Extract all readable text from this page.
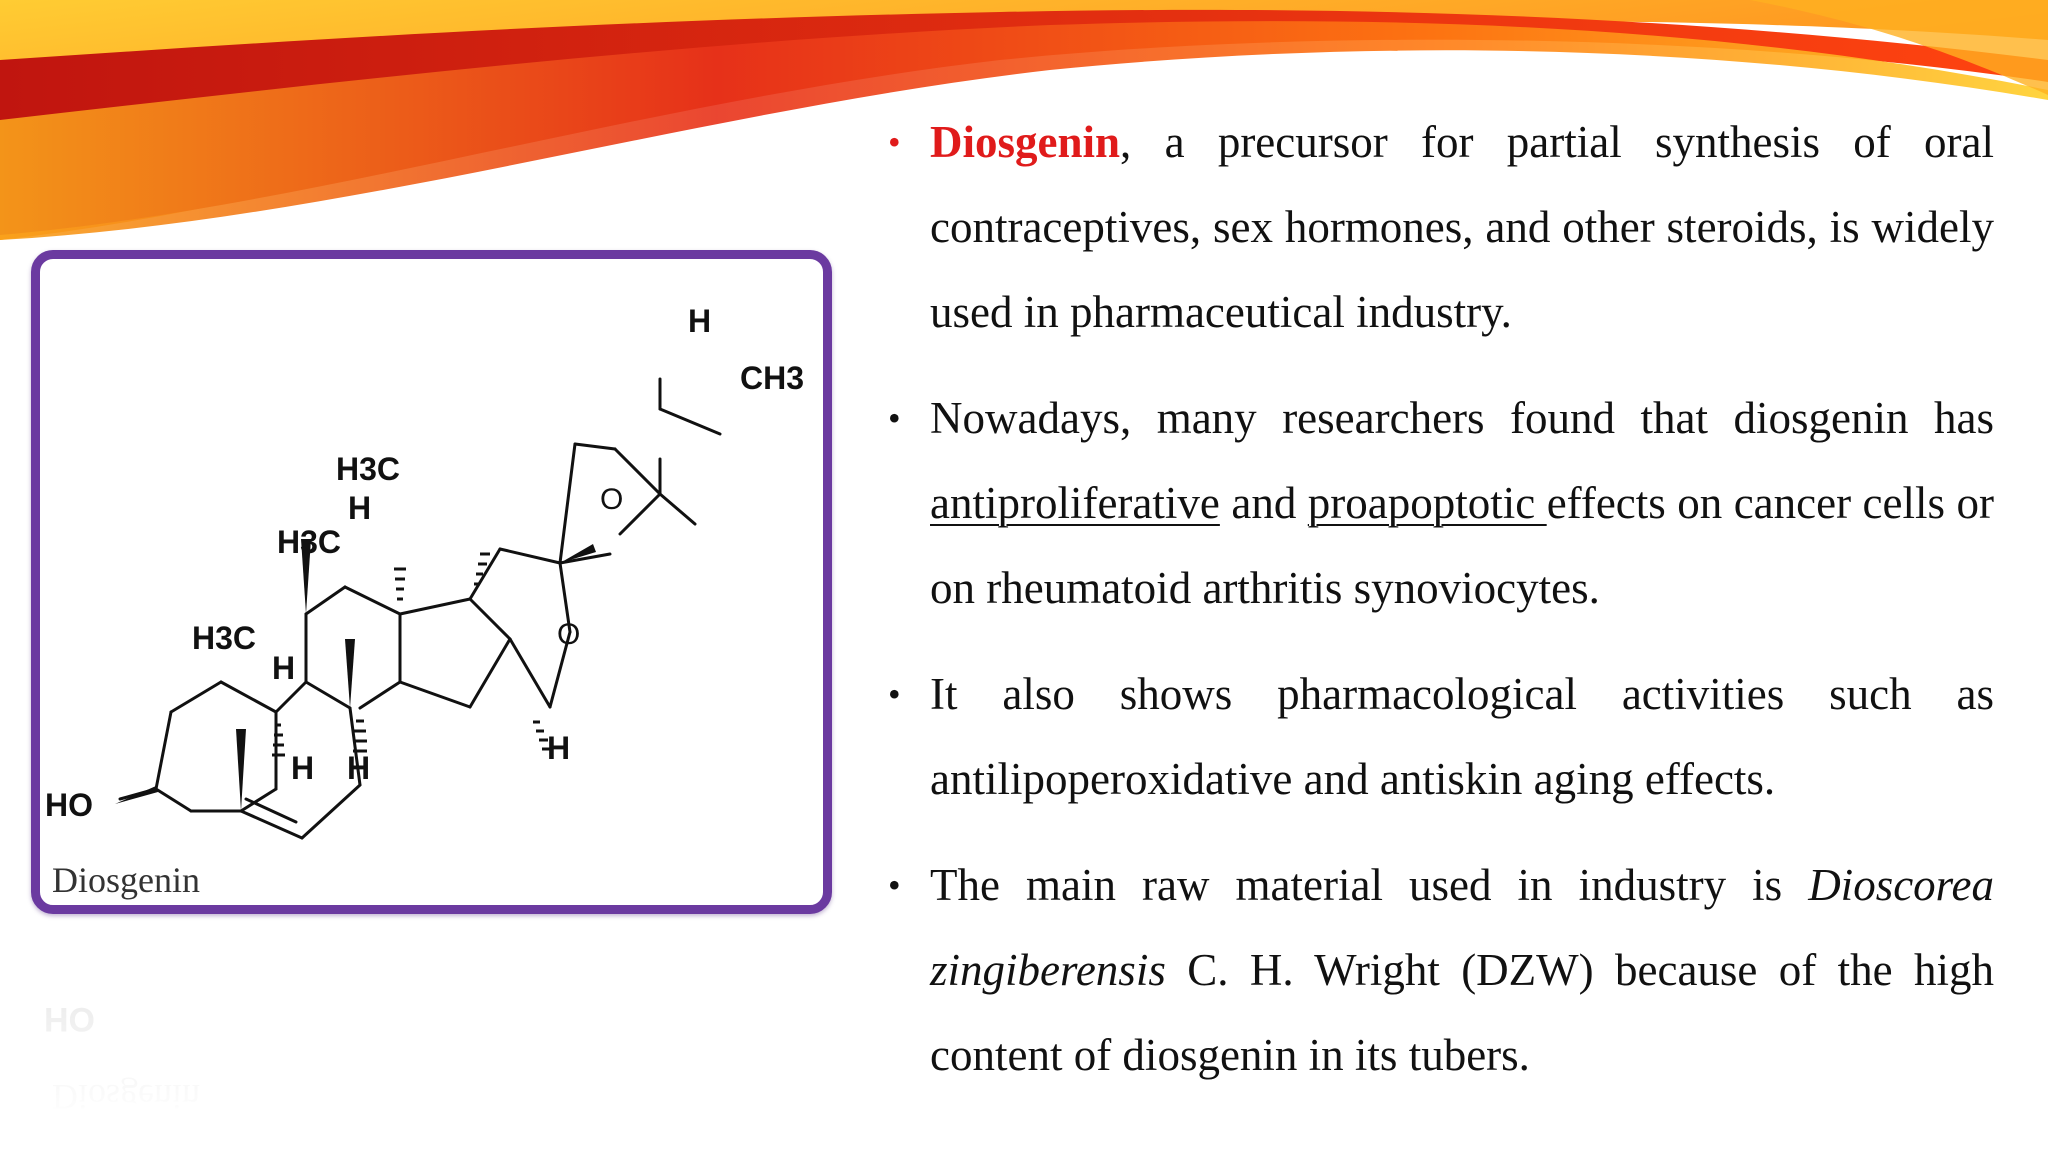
HO
H3C
H
H H
H3C
H
H3C
H
H
CH3
O
O
Diosgenin
Diosgenin
HO
• Diosgenin, a precursor for partial synthesis of oral contraceptives, sex hormones, and other steroids, is widely used in pharmaceutical industry.
• Nowadays, many researchers found that diosgenin has antiproliferative and proapoptotic effects on cancer cells or on rheumatoid arthritis synoviocytes.
• It also shows pharmacological activities such as antilipoperoxidative and antiskin aging effects.
• The main raw material used in industry is Dioscorea zingiberensis C. H. Wright (DZW) because of the high content of diosgenin in its tubers.
